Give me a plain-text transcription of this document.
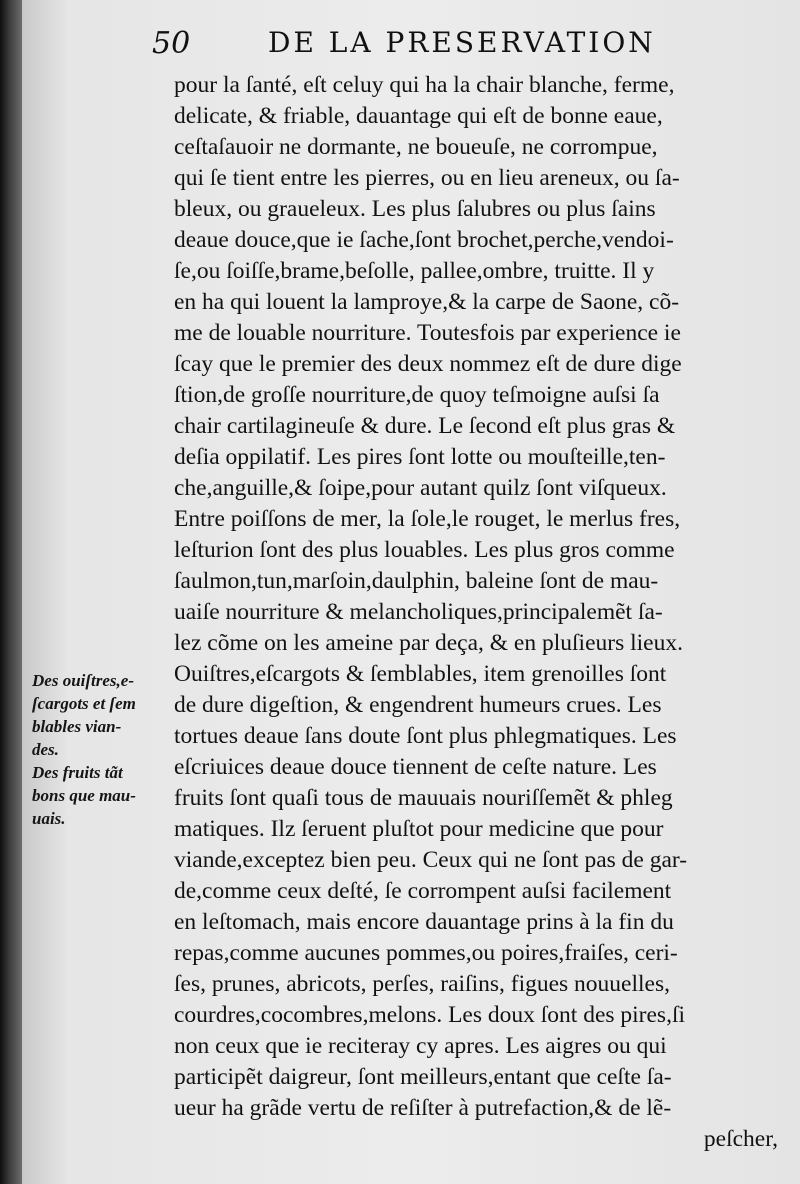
50	DE LA PRESERVATION
pour la ſanté, eſt celuy qui ha la chair blanche, ferme,
delicate, & friable, dauantage qui eſt de bonne eaue,
ceſtaſauoir ne dormante, ne boueuſe, ne corrompue,
qui ſe tient entre les pierres, ou en lieu areneux, ou ſa-
bleux, ou graueleux. Les plus ſalubres ou plus ſains
deaue douce,que ie ſache,ſont brochet,perche,vendoi-
ſe,ou ſoiſſe,brame,beſolle, pallee,ombre, truitte. Il y
en ha qui louent la lamproye,& la carpe de Saone, cõ-
me de louable nourriture. Toutesfois par experience ie
ſcay que le premier des deux nommez eſt de dure dige
ſtion,de groſſe nourriture,de quoy teſmoigne auſsi ſa
chair cartilagineuſe & dure. Le ſecond eſt plus gras &
deſia oppilatif. Les pires ſont lotte ou mouſteille,ten-
che,anguille,& ſoipe,pour autant quilz ſont viſqueux.
Entre poiſſons de mer, la ſole,le rouget, le merlus fres,
leſturion ſont des plus louables. Les plus gros comme
ſaulmon,tun,marſoin,daulphin, baleine ſont de mau-
uaiſe nourriture & melancholiques,principalemẽt ſa-
lez cõme on les ameine par deça, & en pluſieurs lieux.
Ouiſtres,eſcargots & ſemblables, item grenoilles ſont
de dure digeſtion, & engendrent humeurs crues. Les
tortues deaue ſans doute ſont plus phlegmatiques. Les
eſcriuices deaue douce tiennent de ceſte nature. Les
fruits ſont quaſi tous de mauuais nouriſſemẽt & phleg
matiques. Ilz ſeruent pluſtot pour medicine que pour
viande,exceptez bien peu. Ceux qui ne ſont pas de gar-
de,comme ceux deſté, ſe corrompent auſsi facilement
en leſtomach, mais encore dauantage prins à la fin du
repas,comme aucunes pommes,ou poires,fraiſes, ceri-
ſes, prunes, abricots, perſes, raiſins, figues nouuelles,
courdres,cocombres,melons. Les doux ſont des pires,ſi
non ceux que ie reciteray cy apres. Les aigres ou qui
participẽt daigreur, ſont meilleurs,entant que ceſte ſa-
ueur ha grãde vertu de reſiſter à putrefaction,& de lẽ-
peſcher,
Des ouiſtres,e-
ſcargots et ſem
blables vian-
des.
Des fruits tãt
bons que mau-
uais.
